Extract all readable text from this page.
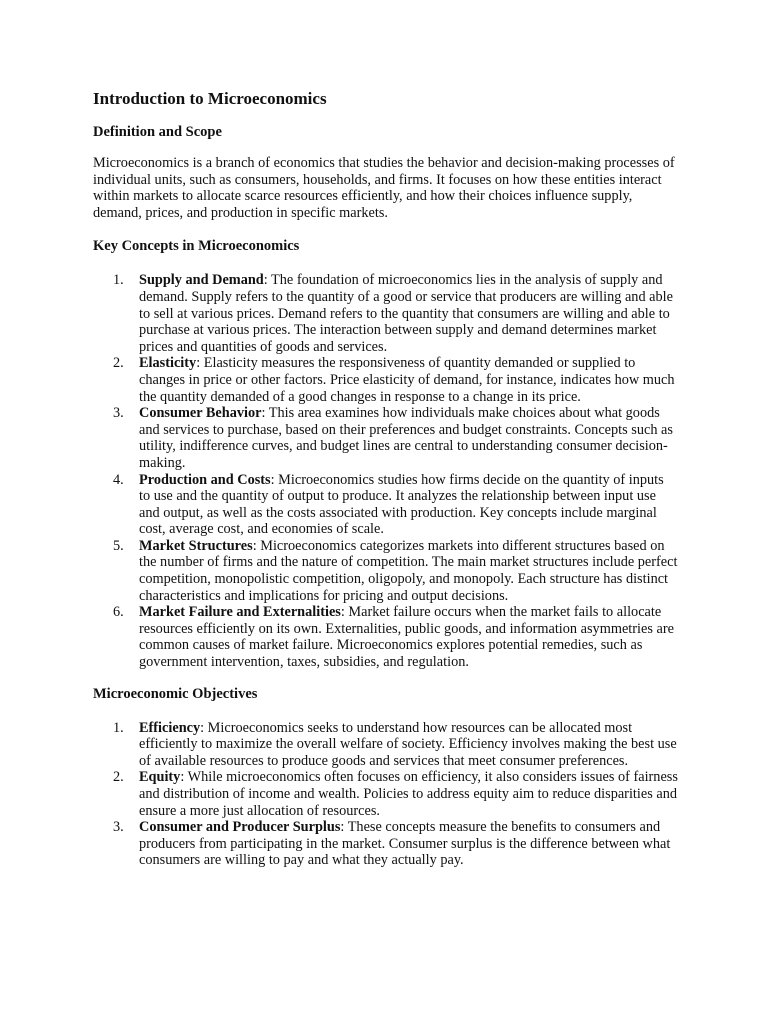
Introduction to Microeconomics
Definition and Scope

Microeconomics is a branch of economics that studies the behavior and decision-making processes of individual units, such as consumers, households, and firms. It focuses on how these entities interact within markets to allocate scarce resources efficiently, and how their choices influence supply, demand, prices, and production in specific markets.

Key Concepts in Microeconomics
1. Supply and Demand: The foundation of microeconomics lies in the analysis of supply and demand. Supply refers to the quantity of a good or service that producers are willing and able to sell at various prices. Demand refers to the quantity that consumers are willing and able to purchase at various prices. The interaction between supply and demand determines market prices and quantities of goods and services.
2. Elasticity: Elasticity measures the responsiveness of quantity demanded or supplied to changes in price or other factors. Price elasticity of demand, for instance, indicates how much the quantity demanded of a good changes in response to a change in its price.
3. Consumer Behavior: This area examines how individuals make choices about what goods and services to purchase, based on their preferences and budget constraints. Concepts such as utility, indifference curves, and budget lines are central to understanding consumer decision-making.
4. Production and Costs: Microeconomics studies how firms decide on the quantity of inputs to use and the quantity of output to produce. It analyzes the relationship between input use and output, as well as the costs associated with production. Key concepts include marginal cost, average cost, and economies of scale.
5. Market Structures: Microeconomics categorizes markets into different structures based on the number of firms and the nature of competition. The main market structures include perfect competition, monopolistic competition, oligopoly, and monopoly. Each structure has distinct characteristics and implications for pricing and output decisions.
6. Market Failure and Externalities: Market failure occurs when the market fails to allocate resources efficiently on its own. Externalities, public goods, and information asymmetries are common causes of market failure. Microeconomics explores potential remedies, such as government intervention, taxes, subsidies, and regulation.
Microeconomic Objectives
1. Efficiency: Microeconomics seeks to understand how resources can be allocated most efficiently to maximize the overall welfare of society. Efficiency involves making the best use of available resources to produce goods and services that meet consumer preferences.
2. Equity: While microeconomics often focuses on efficiency, it also considers issues of fairness and distribution of income and wealth. Policies to address equity aim to reduce disparities and ensure a more just allocation of resources.
3. Consumer and Producer Surplus: These concepts measure the benefits to consumers and producers from participating in the market. Consumer surplus is the difference between what consumers are willing to pay and what they actually pay.
